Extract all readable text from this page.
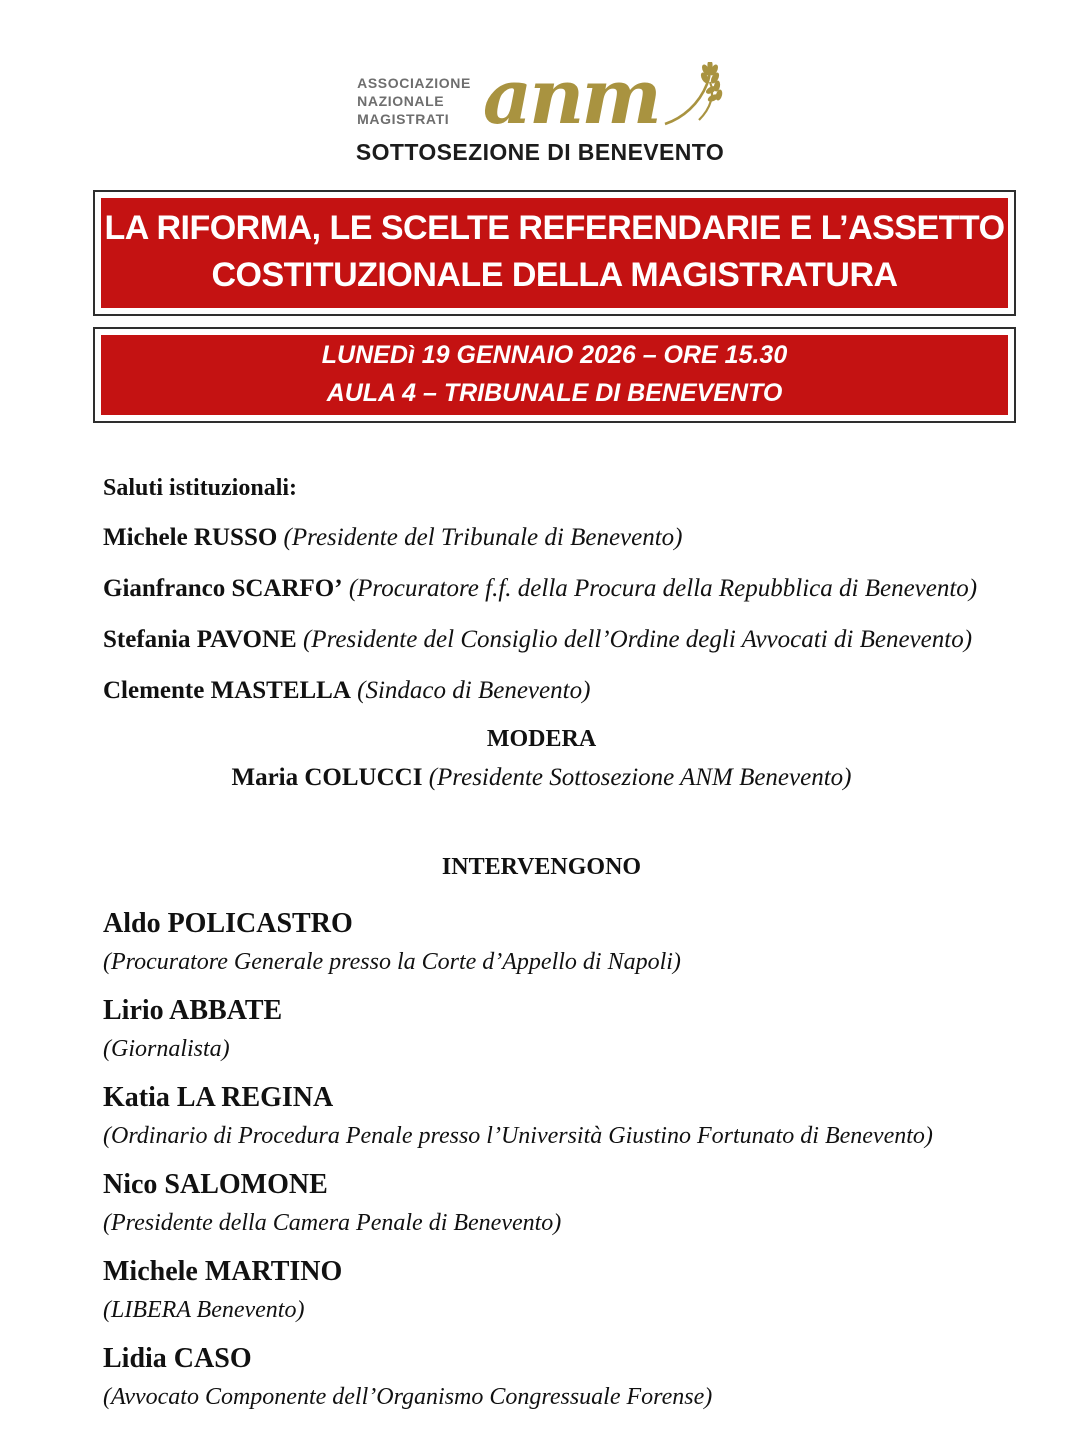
ASSOCIAZIONE
NAZIONALE
MAGISTRATI anm
SOTTOSEZIONE DI BENEVENTO
LA RIFORMA, LE SCELTE REFERENDARIE E L’ASSETTO
COSTITUZIONALE DELLA MAGISTRATURA
LUNEDì 19 GENNAIO 2026 – ORE 15.30
AULA 4 – TRIBUNALE DI BENEVENTO

Saluti istituzionali:

Michele RUSSO (Presidente del Tribunale di Benevento)

Gianfranco SCARFO’ (Procuratore f.f. della Procura della Repubblica di Benevento)

Stefania PAVONE (Presidente del Consiglio dell’Ordine degli Avvocati di Benevento)

Clemente MASTELLA (Sindaco di Benevento)

MODERA

Maria COLUCCI (Presidente Sottosezione ANM Benevento)

INTERVENGONO

Aldo POLICASTRO

(Procuratore Generale presso la Corte d’Appello di Napoli)

Lirio ABBATE

(Giornalista)

Katia LA REGINA

(Ordinario di Procedura Penale presso l’Università Giustino Fortunato di Benevento)

Nico SALOMONE

(Presidente della Camera Penale di Benevento)

Michele MARTINO

(LIBERA Benevento)

Lidia CASO

(Avvocato Componente dell’Organismo Congressuale Forense)
